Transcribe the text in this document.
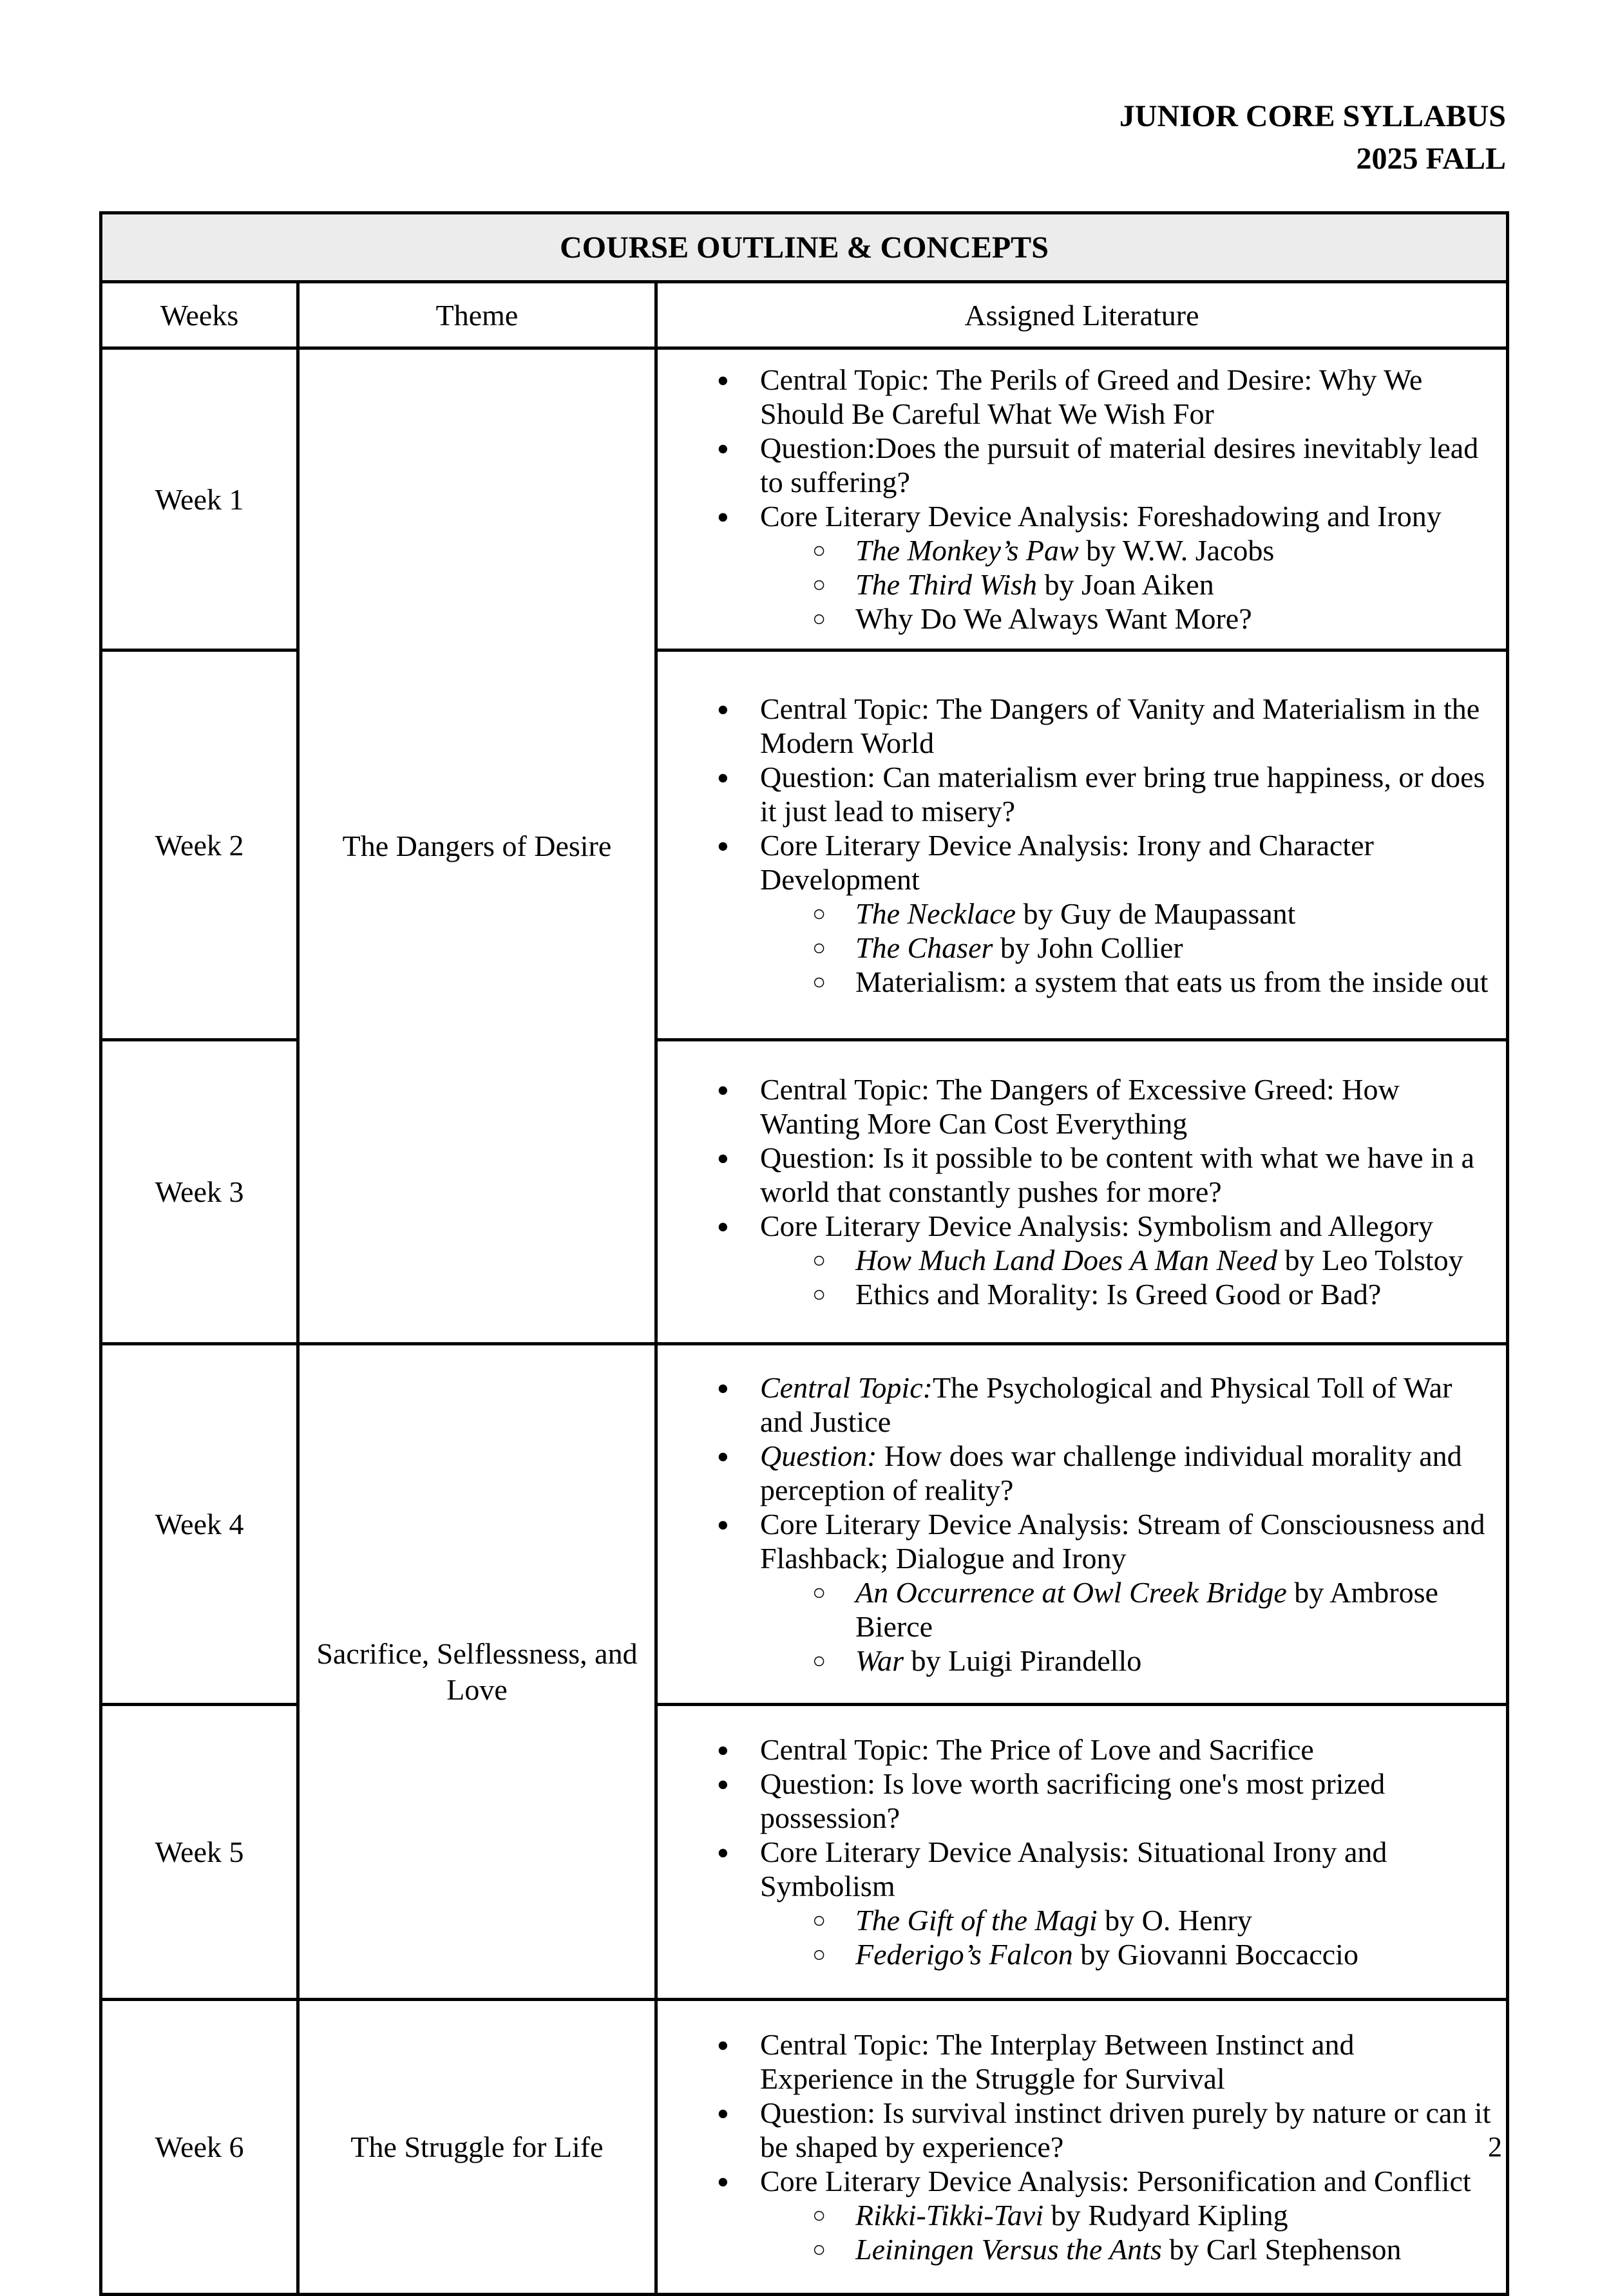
JUNIOR CORE SYLLABUS
2025 FALL
COURSE OUTLINE & CONCEPTS		
Weeks	Theme	Assigned Literature
Week 1	The Dangers of Desire	
● Central Topic: The Perils of Greed and Desire: Why We Should Be Careful What We Wish For
● Question:Does the pursuit of material desires inevitably lead to suffering?
● Core Literary Device Analysis: Foreshadowing and Irony
○ The Monkey’s Paw by W.W. Jacobs
○ The Third Wish by Joan Aiken
○ Why Do We Always Want More?

Week 2	
● Central Topic: The Dangers of Vanity and Materialism in the Modern World
● Question: Can materialism ever bring true happiness, or does it just lead to misery?
● Core Literary Device Analysis: Irony and Character Development
○ The Necklace by Guy de Maupassant
○ The Chaser by John Collier
○ Materialism: a system that eats us from the inside out

Week 3	
● Central Topic: The Dangers of Excessive Greed: How Wanting More Can Cost Everything
● Question: Is it possible to be content with what we have in a world that constantly pushes for more?
● Core Literary Device Analysis: Symbolism and Allegory
○ How Much Land Does A Man Need by Leo Tolstoy
○ Ethics and Morality: Is Greed Good or Bad?

Week 4	Sacrifice, Selflessness, and Love	
● Central Topic:The Psychological and Physical Toll of War and Justice
● Question: How does war challenge individual morality and perception of reality?
● Core Literary Device Analysis: Stream of Consciousness and Flashback; Dialogue and Irony
○ An Occurrence at Owl Creek Bridge by Ambrose Bierce
○ War by Luigi Pirandello

Week 5	
● Central Topic: The Price of Love and Sacrifice
● Question: Is love worth sacrificing one's most prized possession?
● Core Literary Device Analysis: Situational Irony and Symbolism
○ The Gift of the Magi by O. Henry
○ Federigo’s Falcon by Giovanni Boccaccio

Week 6	The Struggle for Life	
● Central Topic: The Interplay Between Instinct and Experience in the Struggle for Survival
● Question: Is survival instinct driven purely by nature or can it be shaped by experience?
● Core Literary Device Analysis: Personification and Conflict
○ Rikki-Tikki-Tavi by Rudyard Kipling
○ Leiningen Versus the Ants by Carl Stephenson
2
